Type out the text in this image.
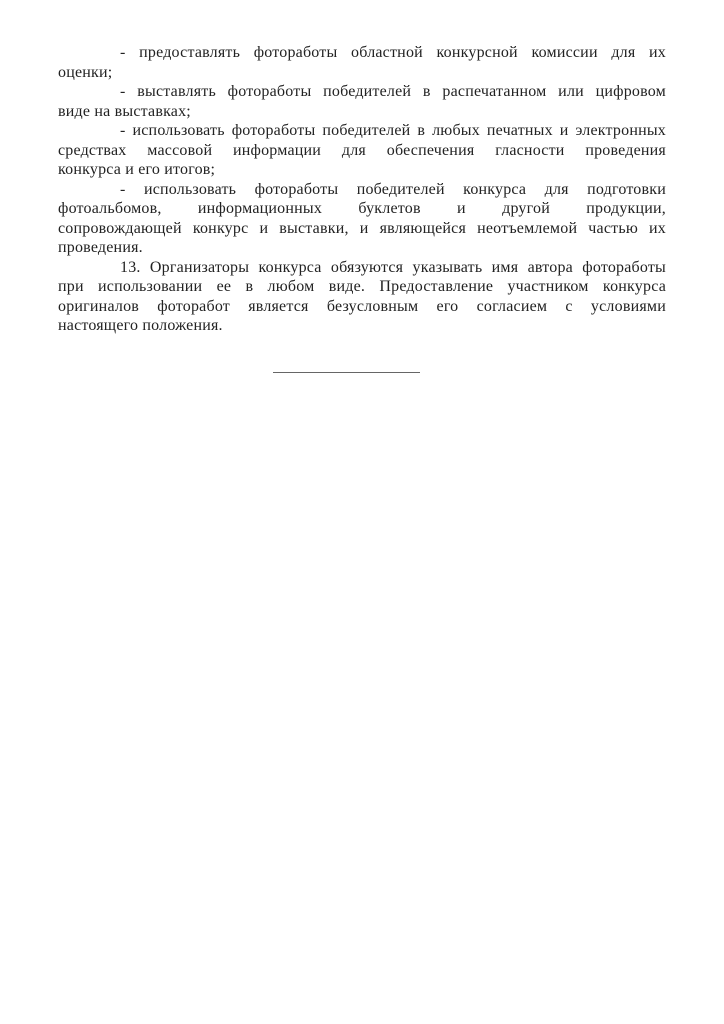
- предоставлять фотоработы областной конкурсной комиссии для их
оценки;

- выставлять фотоработы победителей в распечатанном или цифровом
виде на выставках;

- использовать фотоработы победителей в любых печатных и электронных
средствах массовой информации для обеспечения гласности проведения
конкурса и его итогов;

- использовать фотоработы победителей конкурса для подготовки
фотоальбомов, информационных буклетов и другой продукции,
сопровождающей конкурс и выставки, и являющейся неотъемлемой частью их
проведения.

13. Организаторы конкурса обязуются указывать имя автора фотоработы
при использовании ее в любом виде. Предоставление участником конкурса
оригиналов фоторабот является безусловным его согласием с условиями
настоящего положения.
